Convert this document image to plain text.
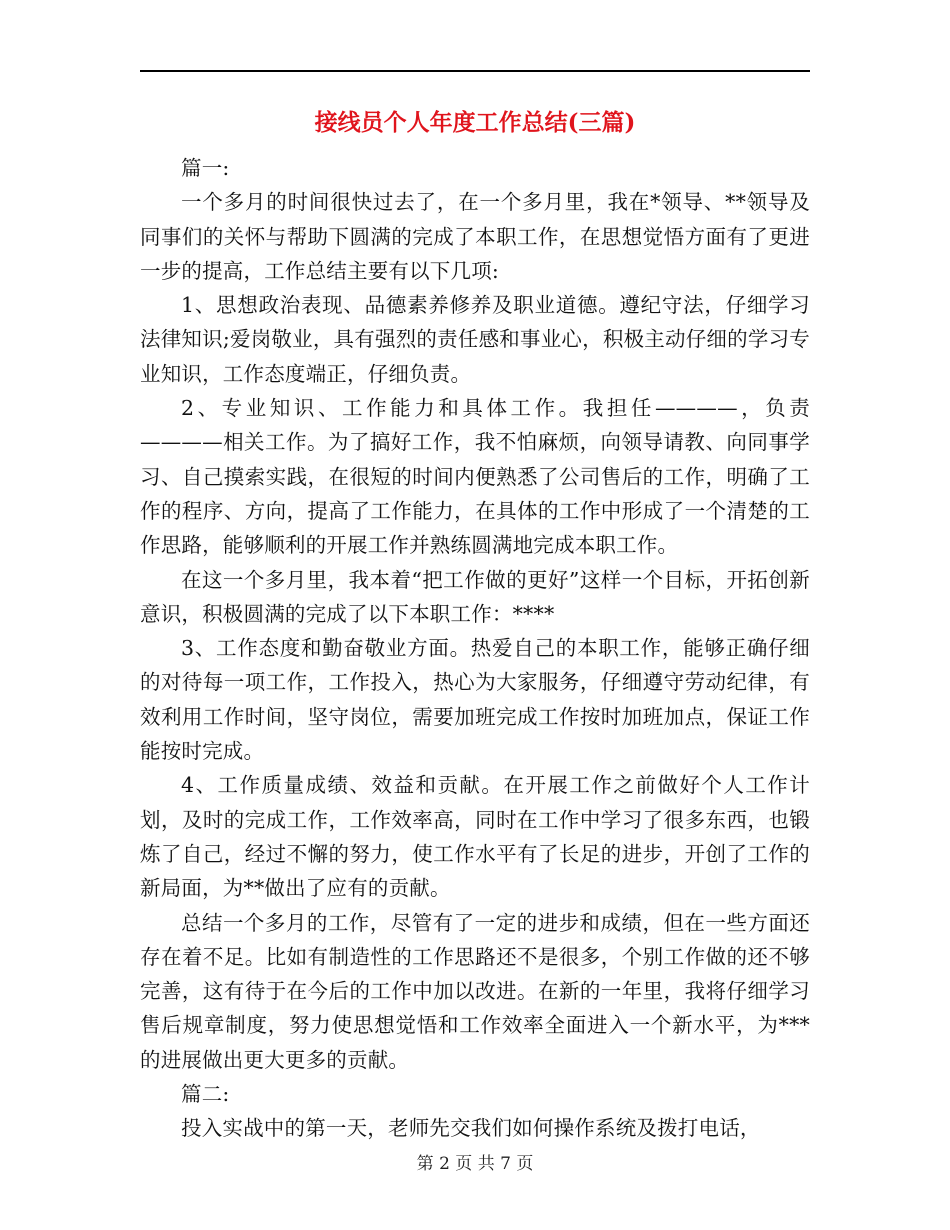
接线员个人年度工作总结(三篇)

篇一:

一个多月的时间很快过去了，在一个多月里，我在*领导、**领导及同事们的关怀与帮助下圆满的完成了本职工作，在思想觉悟方面有了更进一步的提高，工作总结主要有以下几项:

1、思想政治表现、品德素养修养及职业道德。遵纪守法，仔细学习法律知识;爱岗敬业，具有强烈的责任感和事业心，积极主动仔细的学习专业知识，工作态度端正，仔细负责。

2、专业知识、工作能力和具体工作。我担任————，负责————相关工作。为了搞好工作，我不怕麻烦，向领导请教、向同事学习、自己摸索实践，在很短的时间内便熟悉了公司售后的工作，明确了工作的程序、方向，提高了工作能力，在具体的工作中形成了一个清楚的工作思路，能够顺利的开展工作并熟练圆满地完成本职工作。

在这一个多月里，我本着“把工作做的更好”这样一个目标，开拓创新意识，积极圆满的完成了以下本职工作：****

3、工作态度和勤奋敬业方面。热爱自己的本职工作，能够正确仔细的对待每一项工作，工作投入，热心为大家服务，仔细遵守劳动纪律，有效利用工作时间，坚守岗位，需要加班完成工作按时加班加点，保证工作能按时完成。

4、工作质量成绩、效益和贡献。在开展工作之前做好个人工作计划，及时的完成工作，工作效率高，同时在工作中学习了很多东西，也锻炼了自己，经过不懈的努力，使工作水平有了长足的进步，开创了工作的新局面，为**做出了应有的贡献。

总结一个多月的工作，尽管有了一定的进步和成绩，但在一些方面还存在着不足。比如有制造性的工作思路还不是很多，个别工作做的还不够完善，这有待于在今后的工作中加以改进。在新的一年里，我将仔细学习售后规章制度，努力使思想觉悟和工作效率全面进入一个新水平，为***的进展做出更大更多的贡献。

篇二:

投入实战中的第一天，老师先交我们如何操作系统及拨打电话，

第 2 页 共 7 页
